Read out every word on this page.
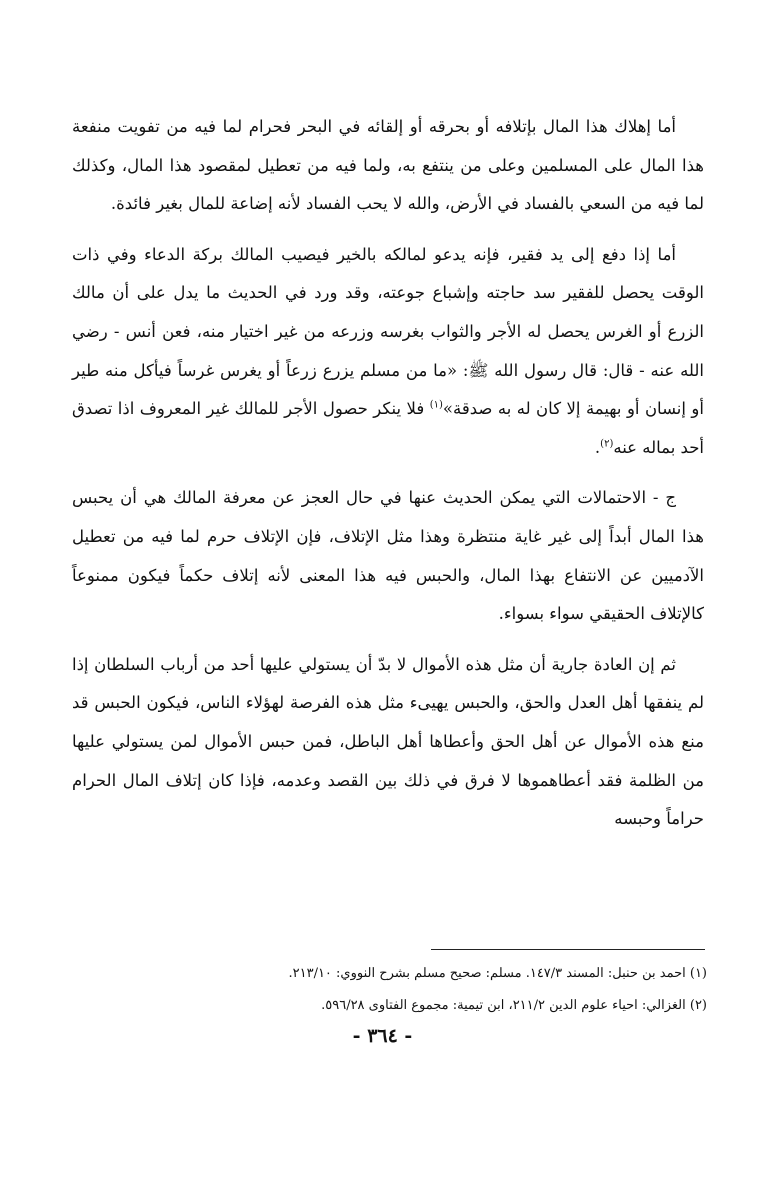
أما إهلاك هذا المال بإتلافه أو بحرقه أو إلقائه في البحر فحرام لما فيه من تفويت منفعة هذا المال على المسلمين وعلى من ينتفع به، ولما فيه من تعطيل لمقصود هذا المال، وكذلك لما فيه من السعي بالفساد في الأرض، والله لا يحب الفساد لأنه إضاعة للمال بغير فائدة.

أما إذا دفع إلى يد فقير، فإنه يدعو لمالكه بالخير فيصيب المالك بركة الدعاء وفي ذات الوقت يحصل للفقير سد حاجته وإشباع جوعته، وقد ورد في الحديث ما يدل على أن مالك الزرع أو الغرس يحصل له الأجر والثواب بغرسه وزرعه من غير اختيار منه، فعن أنس - رضي الله عنه - قال: قال رسول الله ﷺ: «ما من مسلم يزرع زرعاً أو يغرس غرساً فيأكل منه طير أو إنسان أو بهيمة إلا كان له به صدقة»$^{(١)}$ فلا ينكر حصول الأجر للمالك غير المعروف اذا تصدق أحد بماله عنه$^{(٢)}$.

ج - الاحتمالات التي يمكن الحديث عنها في حال العجز عن معرفة المالك هي أن يحبس هذا المال أبداً إلى غير غاية منتظرة وهذا مثل الإتلاف، فإن الإتلاف حرم لما فيه من تعطيل الآدميين عن الانتفاع بهذا المال، والحبس فيه هذا المعنى لأنه إتلاف حكماً فيكون ممنوعاً كالإتلاف الحقيقي سواء بسواء.

ثم إن العادة جارية أن مثل هذه الأموال لا بدّ أن يستولي عليها أحد من أرباب السلطان إذا لم ينفقها أهل العدل والحق، والحبس يهيىء مثل هذه الفرصة لهؤلاء الناس، فيكون الحبس قد منع هذه الأموال عن أهل الحق وأعطاها أهل الباطل، فمن حبس الأموال لمن يستولي عليها من الظلمة فقد أعطاهموها لا فرق في ذلك بين القصد وعدمه، فإذا كان إتلاف المال الحرام حراماً وحبسه

(١) احمد بن حنبل: المسند ١٤٧/٣. مسلم: صحيح مسلم بشرح النووي: ٢١٣/١٠.

(٢) الغزالي: احياء علوم الدين ٢١١/٢، ابن تيمية: مجموع الفتاوى ٥٩٦/٢٨.

- ٣٦٤ -
